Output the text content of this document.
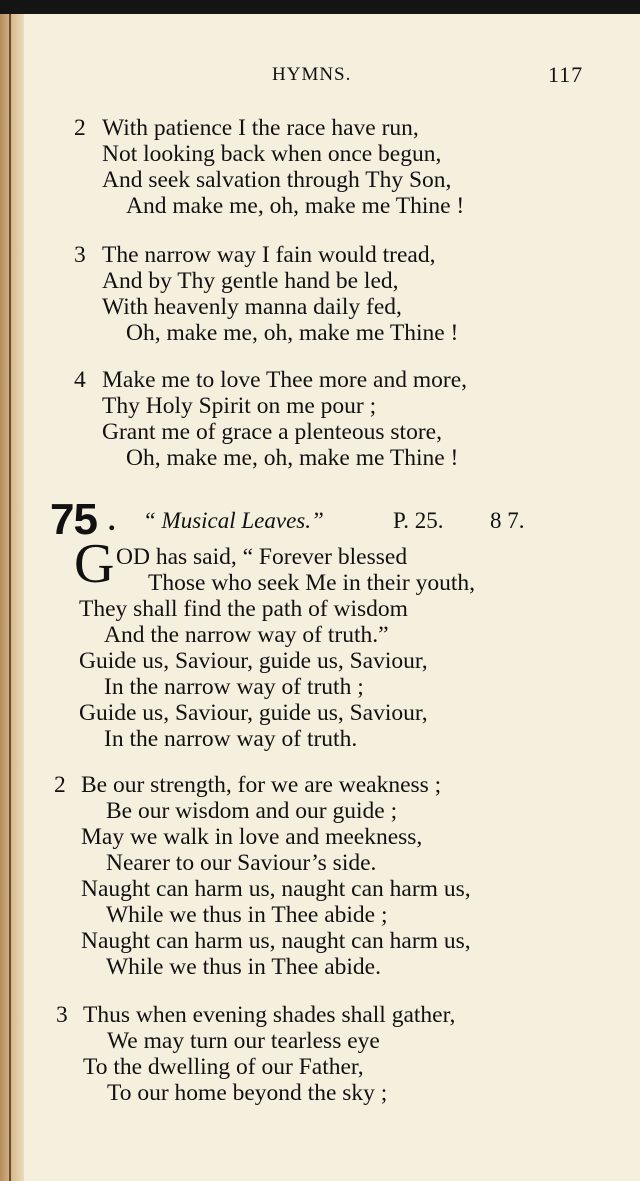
HYMNS.	117
2 With patience I the race have run,
Not looking back when once begun,
And seek salvation through Thy Son,
And make me, oh, make me Thine !
3 The narrow way I fain would tread,
And by Thy gentle hand be led,
With heavenly manna daily fed,
Oh, make me, oh, make me Thine !
4 Make me to love Thee more and more,
Thy Holy Spirit on me pour ;
Grant me of grace a plenteous store,
Oh, make me, oh, make me Thine !
75 . “ Musical Leaves.”	P. 25. 8 7.
G OD has said, “ Forever blessed
Those who seek Me in their youth,
They shall find the path of wisdom
And the narrow way of truth.”
Guide us, Saviour, guide us, Saviour,
In the narrow way of truth ;
Guide us, Saviour, guide us, Saviour,
In the narrow way of truth.
2 Be our strength, for we are weakness ;
Be our wisdom and our guide ;
May we walk in love and meekness,
Nearer to our Saviour’s side.
Naught can harm us, naught can harm us,
While we thus in Thee abide ;
Naught can harm us, naught can harm us,
While we thus in Thee abide.
3 Thus when evening shades shall gather,
We may turn our tearless eye
To the dwelling of our Father,
To our home beyond the sky ;
